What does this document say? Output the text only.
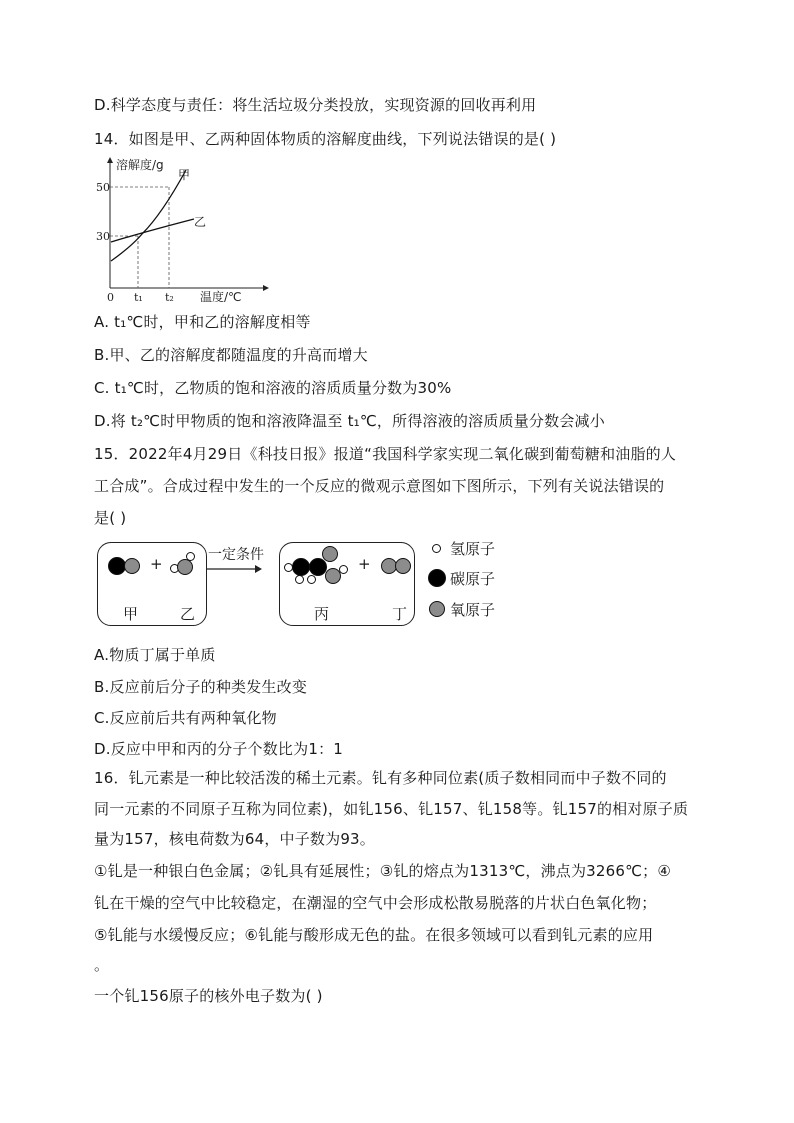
D.科学态度与责任：将生活垃圾分类投放，实现资源的回收再利用
14．如图是甲、乙两种固体物质的溶解度曲线，下列说法错误的是( )
溶解度/g
甲
乙
50
30
0 t₁ t₂ 温度/℃
A. t₁℃时，甲和乙的溶解度相等
B.甲、乙的溶解度都随温度的升高而增大
C. t₁℃时，乙物质的饱和溶液的溶质质量分数为30%
D.将 t₂℃时甲物质的饱和溶液降温至 t₁℃，所得溶液的溶质质量分数会减小
15．2022年4月29日《科技日报》报道“我国科学家实现二氧化碳到葡萄糖和油脂的人
工合成”。合成过程中发生的一个反应的微观示意图如下图所示，下列有关说法错误的
是( )
+
甲	乙
一定条件	+
丙	丁
氢原子
碳原子
氧原子
A.物质丁属于单质
B.反应前后分子的种类发生改变
C.反应前后共有两种氧化物
D.反应中甲和丙的分子个数比为1：1
16．钆元素是一种比较活泼的稀土元素。钆有多种同位素(质子数相同而中子数不同的
同一元素的不同原子互称为同位素)，如钆156、钆157、钆158等。钆157的相对原子质
量为157，核电荷数为64，中子数为93。
①钆是一种银白色金属；②钆具有延展性；③钆的熔点为1313℃，沸点为3266℃；④
钆在干燥的空气中比较稳定，在潮湿的空气中会形成松散易脱落的片状白色氧化物；
⑤钆能与水缓慢反应；⑥钆能与酸形成无色的盐。在很多领域可以看到钆元素的应用
。
一个钆156原子的核外电子数为( )
